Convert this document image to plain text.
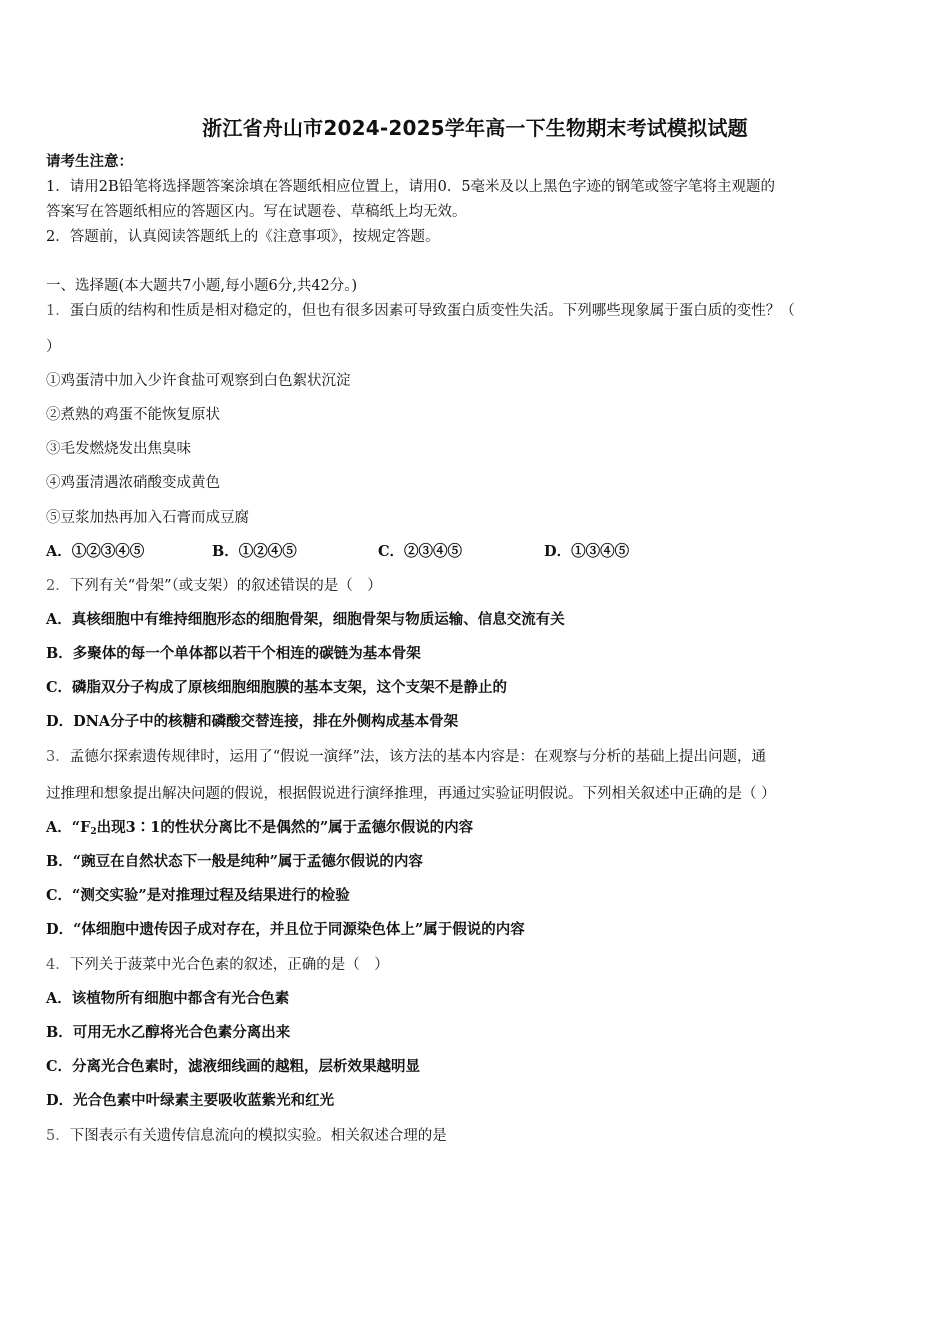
浙江省舟山市2024-2025学年高一下生物期末考试模拟试题
请考生注意：
1．请用2B铅笔将选择题答案涂填在答题纸相应位置上，请用0．5毫米及以上黑色字迹的钢笔或签字笔将主观题的
答案写在答题纸相应的答题区内。写在试题卷、草稿纸上均无效。
2．答题前，认真阅读答题纸上的《注意事项》，按规定答题。
一、选择题(本大题共7小题,每小题6分,共42分。)
1．蛋白质的结构和性质是相对稳定的，但也有很多因素可导致蛋白质变性失活。下列哪些现象属于蛋白质的变性？（
）
①鸡蛋清中加入少许食盐可观察到白色絮状沉淀
②煮熟的鸡蛋不能恢复原状
③毛发燃烧发出焦臭味
④鸡蛋清遇浓硝酸变成黄色
⑤豆浆加热再加入石膏而成豆腐
A．①②③④⑤	B．①②④⑤	C．②③④⑤	D．①③④⑤
2．下列有关“骨架”（或支架）的叙述错误的是（　）
A．真核细胞中有维持细胞形态的细胞骨架，细胞骨架与物质运输、信息交流有关
B．多聚体的每一个单体都以若干个相连的碳链为基本骨架
C．磷脂双分子构成了原核细胞细胞膜的基本支架，这个支架不是静止的
D．DNA分子中的核糖和磷酸交替连接，排在外侧构成基本骨架
3．孟德尔探索遗传规律时，运用了“假说一演绎”法，该方法的基本内容是：在观察与分析的基础上提出问题，通
过推理和想象提出解决问题的假说，根据假说进行演绎推理，再通过实验证明假说。下列相关叙述中正确的是（ ）
A．“$F_2$出现3∶1的性状分离比不是偶然的”属于孟德尔假说的内容
B．“豌豆在自然状态下一般是纯种”属于孟德尔假说的内容
C．“测交实验”是对推理过程及结果进行的检验
D．“体细胞中遗传因子成对存在，并且位于同源染色体上”属于假说的内容
4．下列关于菠菜中光合色素的叙述，正确的是（　）
A．该植物所有细胞中都含有光合色素
B．可用无水乙醇将光合色素分离出来
C．分离光合色素时，滤液细线画的越粗，层析效果越明显
D．光合色素中叶绿素主要吸收蓝紫光和红光
5．下图表示有关遗传信息流向的模拟实验。相关叙述合理的是
